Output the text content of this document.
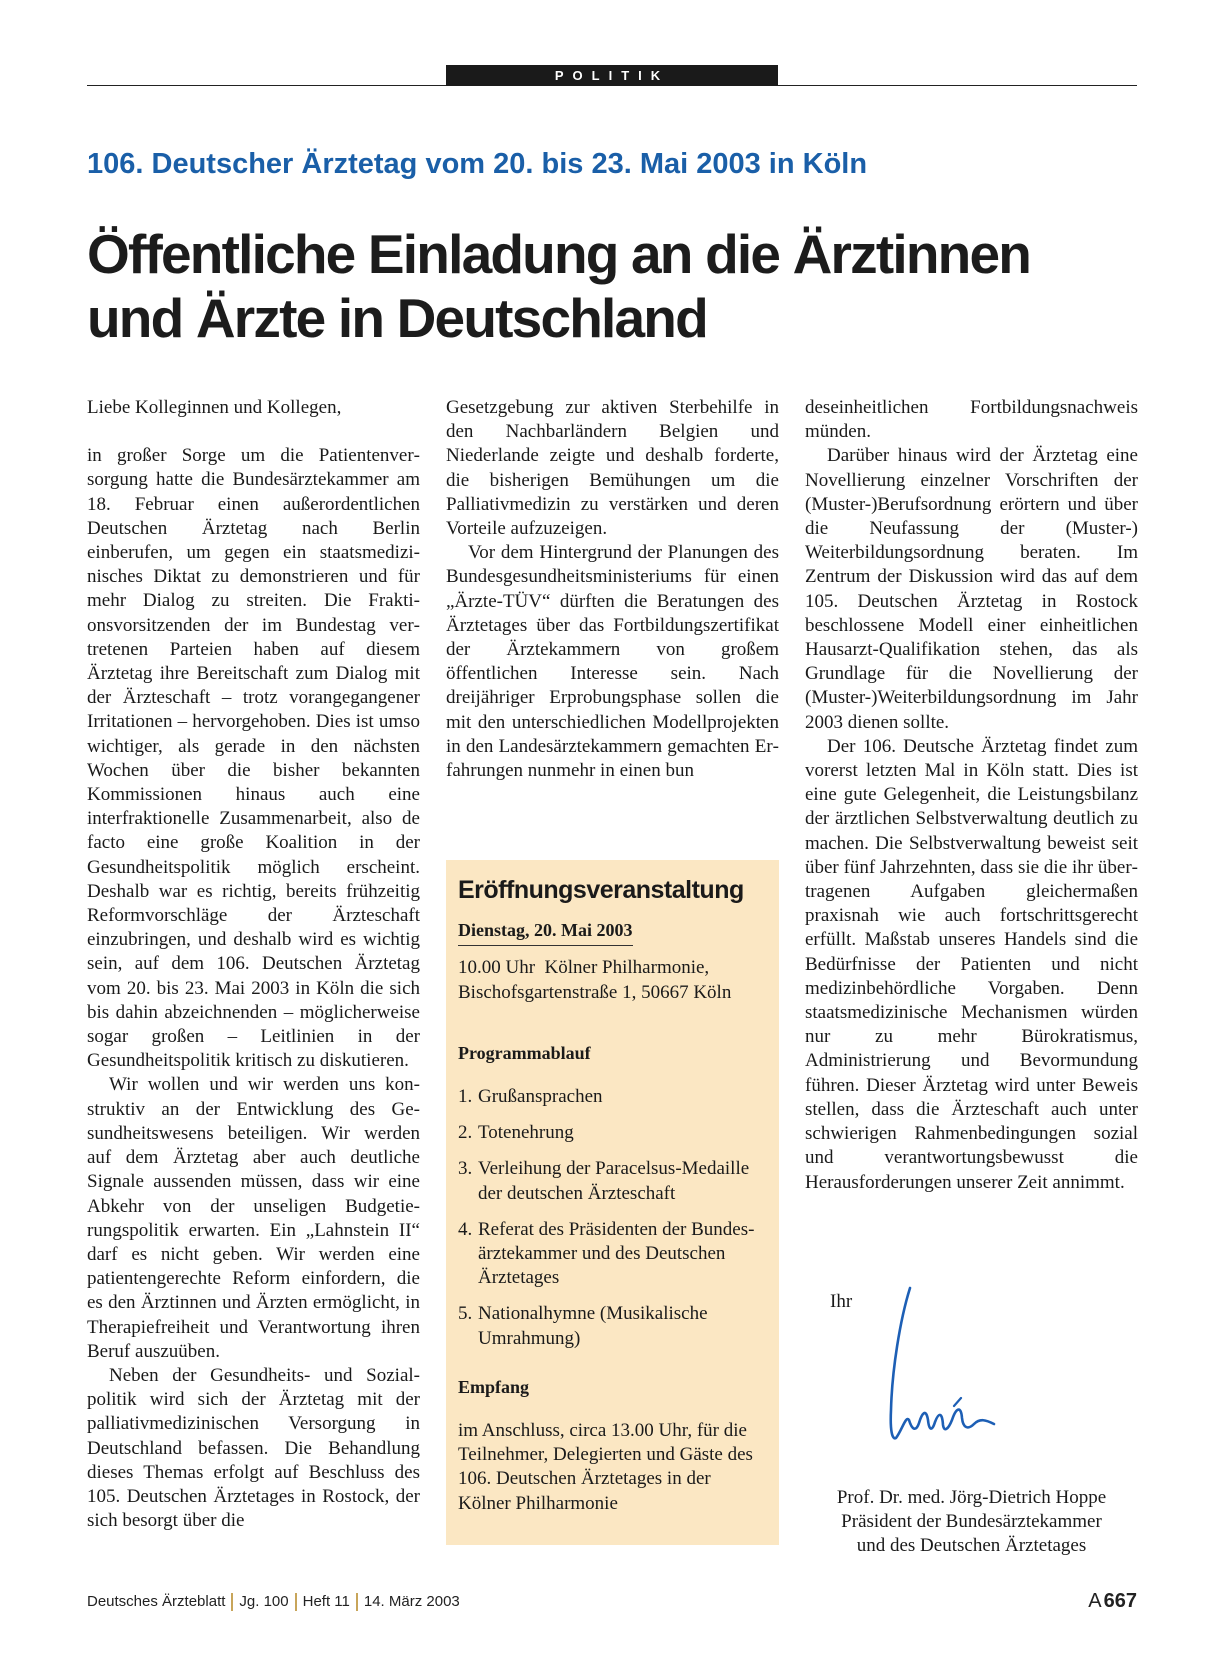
POLITIK
106. Deutscher Ärztetag vom 20. bis 23. Mai 2003 in Köln
Öffentliche Einladung an die Ärztinnen
und Ärzte in Deutschland

Liebe Kolleginnen und Kollegen,

in großer Sorge um die Patientenversorgung hatte die Bundesärztekammer am 18. Februar einen außerordentlichen Deutschen Ärztetag nach Berlin einberufen, um gegen ein staatsmedizinisches Diktat zu demonstrieren und für mehr Dialog zu streiten. Die Fraktionsvorsitzenden der im Bundestag vertretenen Parteien haben auf diesem Ärztetag ihre Bereitschaft zum Dialog mit der Ärzteschaft – trotz vorangegangener Irritationen – hervorgehoben. Dies ist umso wichtiger, als gerade in den nächsten Wochen über die bisher bekannten Kommissionen hinaus auch eine interfraktionelle Zusammenarbeit, also de facto eine große Koalition in der Gesundheitspolitik möglich erscheint. Deshalb war es richtig, bereits frühzeitig Reformvorschläge der Ärzteschaft einzubringen, und deshalb wird es wichtig sein, auf dem 106. Deutschen Ärztetag vom 20. bis 23. Mai 2003 in Köln die sich bis dahin abzeichnenden – möglicherweise sogar großen – Leitlinien in der Gesundheitspolitik kritisch zu diskutieren.

Wir wollen und wir werden uns konstruktiv an der Entwicklung des Gesundheitswesens beteiligen. Wir werden auf dem Ärztetag aber auch deutliche Signale aussenden müssen, dass wir eine Abkehr von der unseligen Budgetierungspolitik erwarten. Ein „Lahnstein II“ darf es nicht geben. Wir werden eine patientengerechte Reform einfordern, die es den Ärztinnen und Ärzten ermöglicht, in Therapiefreiheit und Verantwortung ihren Beruf auszuüben.

Neben der Gesundheits- und Sozialpolitik wird sich der Ärztetag mit der palliativmedizinischen Versorgung in Deutschland befassen. Die Behandlung dieses Themas erfolgt auf Beschluss des 105. Deutschen Ärztetages in Rostock, der sich besorgt über die

Gesetzgebung zur aktiven Sterbehilfe in den Nachbarländern Belgien und Niederlande zeigte und deshalb forderte, die bisherigen Bemühungen um die Palliativmedizin zu verstärken und deren Vorteile aufzuzeigen.

Vor dem Hintergrund der Planungen des Bundesgesundheitsministeriums für einen „Ärzte-TÜV“ dürften die Beratungen des Ärztetages über das Fortbildungszertifikat der Ärztekammern von großem öffentlichen Interesse sein. Nach dreijähriger Erprobungsphase sollen die mit den unterschiedlichen Modellprojekten in den Landesärztekammern gemachten Erfahrungen nunmehr in einen bun

Eröffnungsveranstaltung
Dienstag, 20. Mai 2003
10.00 Uhr  Kölner Philharmonie,
Bischofsgartenstraße 1, 50667 Köln
Programmablauf
1. Grußansprachen
2. Totenehrung
3. Verleihung der Paracelsus-Medaille der deutschen Ärzteschaft
4. Referat des Präsidenten der Bundesärztekammer und des Deutschen Ärztetages
5. Nationalhymne (Musikalische Umrahmung)
Empfang
im Anschluss, circa 13.00 Uhr, für die Teilnehmer, Delegierten und Gäste des 106. Deutschen Ärztetages in der Kölner Philharmonie

deseinheitlichen Fortbildungsnachweis münden.

Darüber hinaus wird der Ärztetag eine Novellierung einzelner Vorschriften der (Muster-)Berufsordnung erörtern und über die Neufassung der (Muster-) Weiterbildungsordnung beraten. Im Zentrum der Diskussion wird das auf dem 105. Deutschen Ärztetag in Rostock beschlossene Modell einer einheitlichen Hausarzt-Qualifikation stehen, das als Grundlage für die Novellierung der (Muster-)Weiterbildungsordnung im Jahr 2003 dienen sollte.

Der 106. Deutsche Ärztetag findet zum vorerst letzten Mal in Köln statt. Dies ist eine gute Gelegenheit, die Leistungsbilanz der ärztlichen Selbstverwaltung deutlich zu machen. Die Selbstverwaltung beweist seit über fünf Jahrzehnten, dass sie die ihr übertragenen Aufgaben gleichermaßen praxisnah wie auch fortschrittsgerecht erfüllt. Maßstab unseres Handels sind die Bedürfnisse der Patienten und nicht medizinbehördliche Vorgaben. Denn staatsmedizinische Mechanismen würden nur zu mehr Bürokratismus, Administrierung und Bevormundung führen. Dieser Ärztetag wird unter Beweis stellen, dass die Ärzteschaft auch unter schwierigen Rahmenbedingungen sozial und verantwortungsbewusst die Herausforderungen unserer Zeit annimmt.

Ihr
Prof. Dr. med. Jörg-Dietrich Hoppe
Präsident der Bundesärztekammer
und des Deutschen Ärztetages
Deutsches Ärzteblatt Jg. 100 Heft 11 14. März 2003	A 667
